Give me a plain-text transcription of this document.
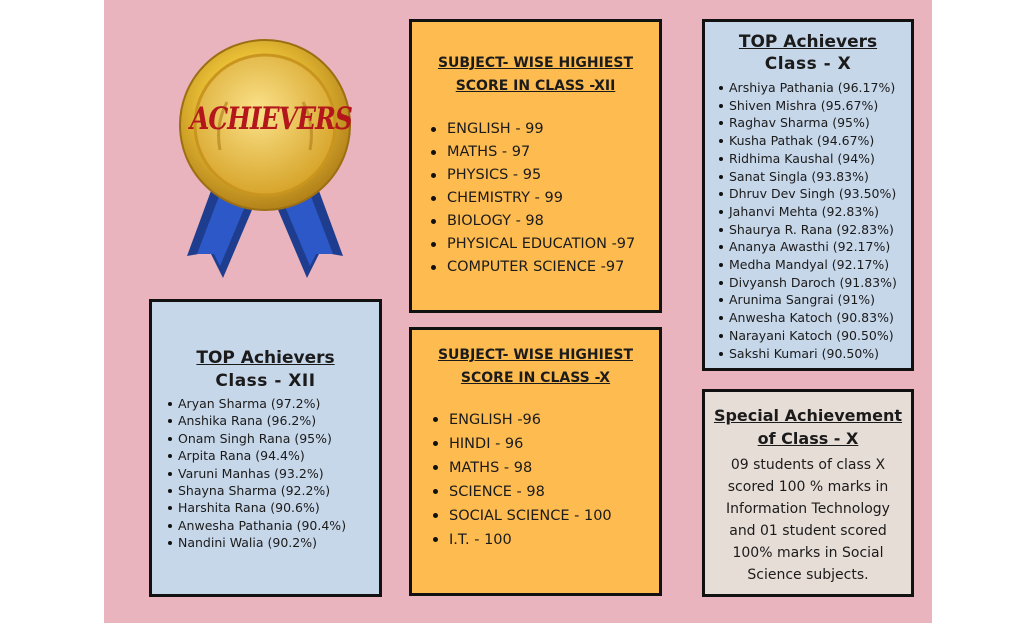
ACHIEVERS
SUBJECT- WISE HIGHIEST
SCORE IN CLASS -XII
ENGLISH - 99
MATHS - 97
PHYSICS - 95
CHEMISTRY - 99
BIOLOGY - 98
PHYSICAL EDUCATION -97
COMPUTER SCIENCE -97
SUBJECT- WISE HIGHIEST
SCORE IN CLASS -X
ENGLISH -96
HINDI - 96
MATHS - 98
SCIENCE - 98
SOCIAL SCIENCE - 100
I.T. - 100
TOP Achievers
Class - X
Arshiya Pathania (96.17%)
Shiven Mishra (95.67%)
Raghav Sharma (95%)
Kusha Pathak (94.67%)
Ridhima Kaushal (94%)
Sanat Singla (93.83%)
Dhruv Dev Singh (93.50%)
Jahanvi Mehta (92.83%)
Shaurya R. Rana (92.83%)
Ananya Awasthi (92.17%)
Medha Mandyal (92.17%)
Divyansh Daroch (91.83%)
Arunima Sangrai (91%)
Anwesha Katoch (90.83%)
Narayani Katoch (90.50%)
Sakshi Kumari (90.50%)
TOP Achievers
Class - XII
Aryan Sharma (97.2%)
Anshika Rana (96.2%)
Onam Singh Rana (95%)
Arpita Rana (94.4%)
Varuni Manhas (93.2%)
Shayna Sharma (92.2%)
Harshita Rana (90.6%)
Anwesha Pathania (90.4%)
Nandini Walia (90.2%)
Special Achievement
of Class - X
09 students of class X
scored 100 % marks in
Information Technology
and 01 student scored
100% marks in Social
Science subjects.
